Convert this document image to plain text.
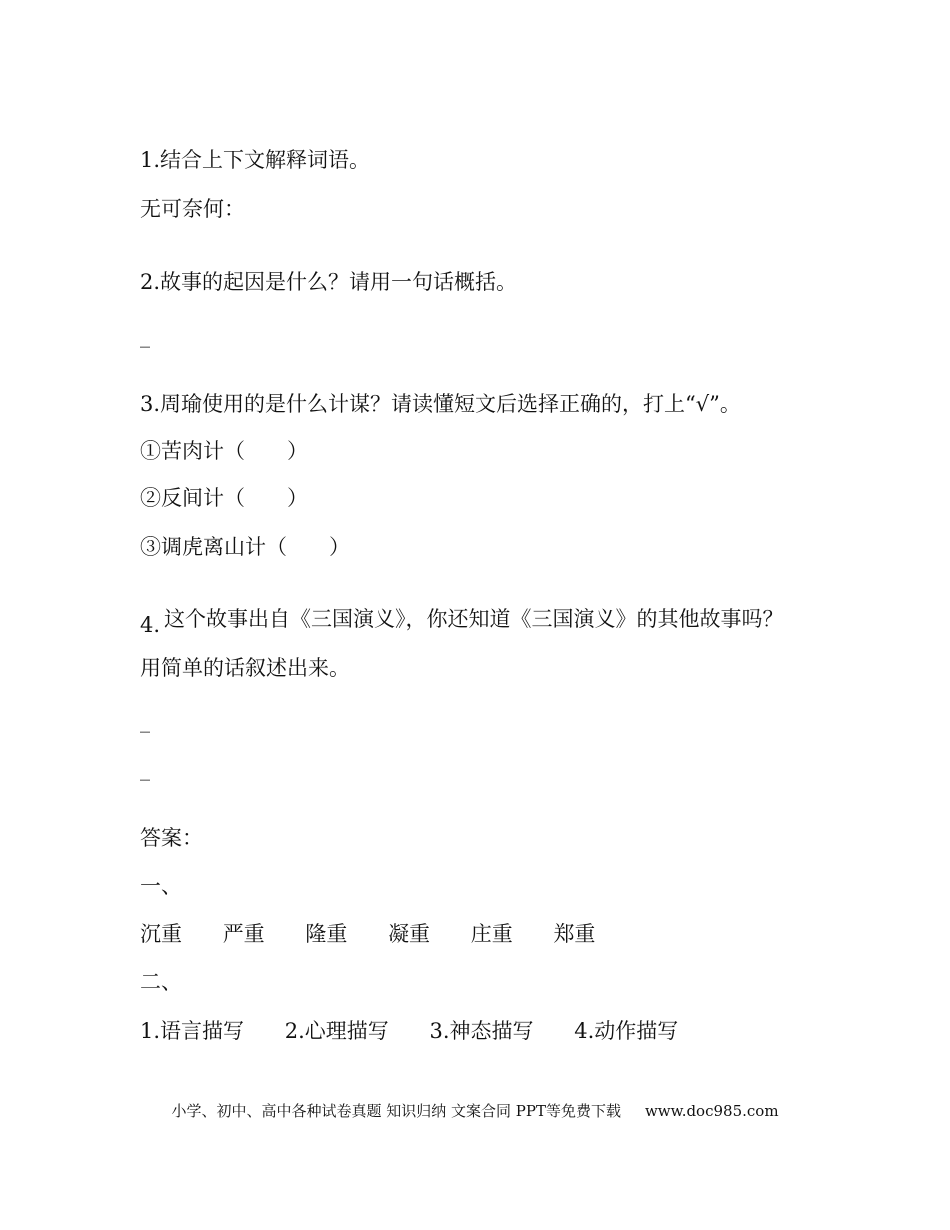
1.结合上下文解释词语。
无可奈何：
2.故事的起因是什么？请用一句话概括。
_
3.周瑜使用的是什么计谋？请读懂短文后选择正确的，打上“√”。
①苦肉计（　　）
②反间计（　　）
③调虎离山计（　　）
4. 这个故事出自《三国演义》，你还知道《三国演义》的其他故事吗？
用简单的话叙述出来。
_
_
答案：
一、
沉重 严重 隆重 凝重 庄重 郑重
二、
1.语言描写 2.心理描写 3.神态描写 4.动作描写
小学、初中、高中各种试卷真题 知识归纳 文案合同 PPT等免费下载 www.doc985.com
